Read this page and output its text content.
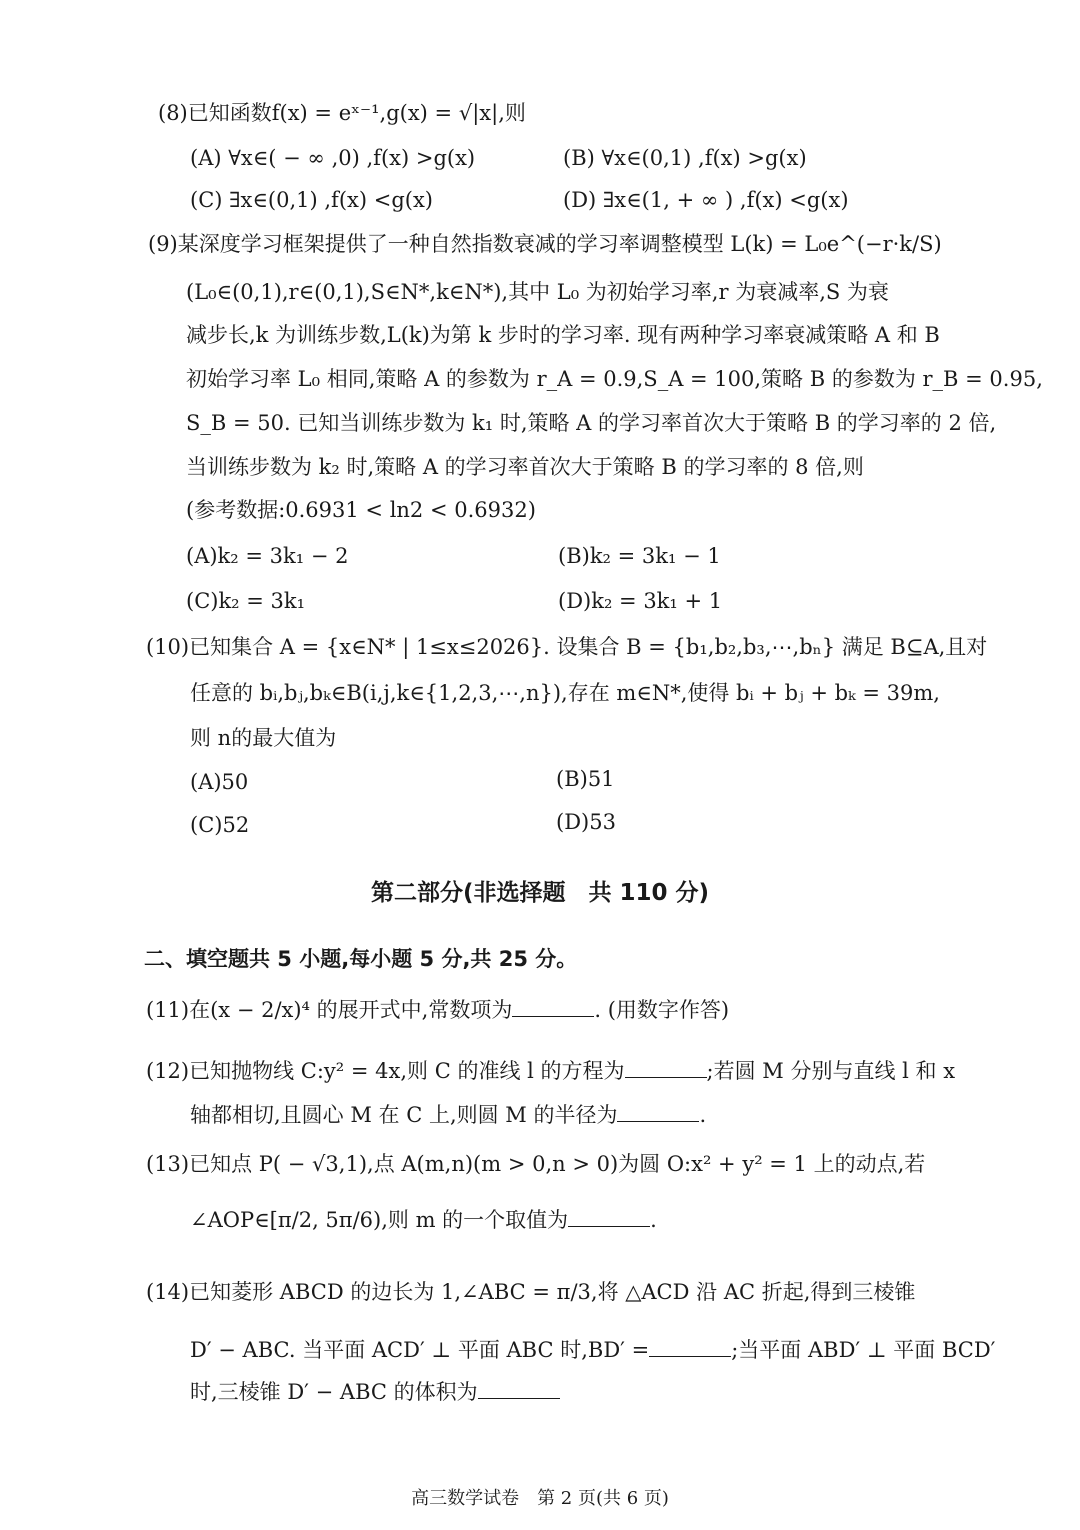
(8)已知函数f(x) = eˣ⁻¹,g(x) = √|x|,则
(A) ∀x∈( − ∞ ,0) ,f(x) >g(x)	(B) ∀x∈(0,1) ,f(x) >g(x)
(C) ∃x∈(0,1) ,f(x) <g(x)	(D) ∃x∈(1, + ∞ ) ,f(x) <g(x)
(9)某深度学习框架提供了一种自然指数衰减的学习率调整模型 L(k) = L₀e^(−r·k/S)
(L₀∈(0,1),r∈(0,1),S∈N*,k∈N*),其中 L₀ 为初始学习率,r 为衰减率,S 为衰
减步长,k 为训练步数,L(k)为第 k 步时的学习率. 现有两种学习率衰减策略 A 和 B
初始学习率 L₀ 相同,策略 A 的参数为 r_A = 0.9,S_A = 100,策略 B 的参数为 r_B = 0.95,
S_B = 50. 已知当训练步数为 k₁ 时,策略 A 的学习率首次大于策略 B 的学习率的 2 倍,
当训练步数为 k₂ 时,策略 A 的学习率首次大于策略 B 的学习率的 8 倍,则
(参考数据:0.6931 < ln2 < 0.6932)
(A)k₂ = 3k₁ − 2	(B)k₂ = 3k₁ − 1
(C)k₂ = 3k₁	(D)k₂ = 3k₁ + 1
(10)已知集合 A = {x∈N* | 1≤x≤2026}. 设集合 B = {b₁,b₂,b₃,⋯,bₙ} 满足 B⊆A,且对
任意的 bᵢ,bⱼ,bₖ∈B(i,j,k∈{1,2,3,⋯,n}),存在 m∈N*,使得 bᵢ + bⱼ + bₖ = 39m,
则 n的最大值为
(A)50	(B)51
(C)52	(D)53
第二部分(非选择题　共 110 分)
二、填空题共 5 小题,每小题 5 分,共 25 分。
(11)在(x − 2/x)⁴ 的展开式中,常数项为	. (用数字作答)
(12)已知抛物线 C:y² = 4x,则 C 的准线 l 的方程为	;若圆 M 分别与直线 l 和 x
轴都相切,且圆心 M 在 C 上,则圆 M 的半径为	.
(13)已知点 P( − √3,1),点 A(m,n)(m > 0,n > 0)为圆 O:x² + y² = 1 上的动点,若
∠AOP∈[π/2, 5π/6),则 m 的一个取值为	.
(14)已知菱形 ABCD 的边长为 1,∠ABC = π/3,将 △ACD 沿 AC 折起,得到三棱锥
D′ − ABC. 当平面 ACD′ ⊥ 平面 ABC 时,BD′ =	;当平面 ABD′ ⊥ 平面 BCD′
时,三棱锥 D′ − ABC 的体积为
高三数学试卷　第 2 页(共 6 页)
